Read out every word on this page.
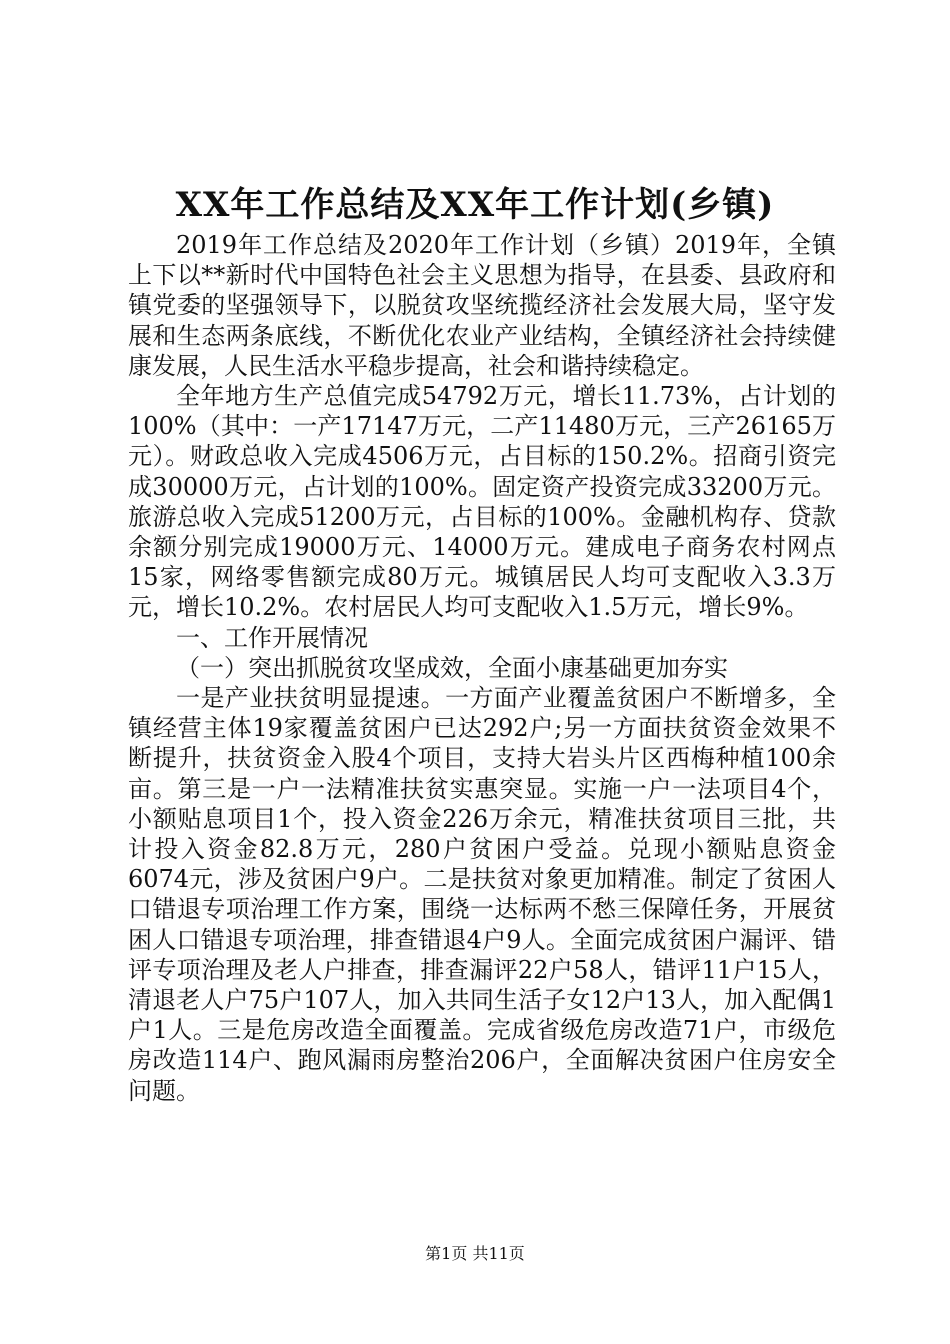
XX年工作总结及XX年工作计划(乡镇)

2019年工作总结及2020年工作计划（乡镇）2019年，全镇上下以**新时代中国特色社会主义思想为指导，在县委、县政府和镇党委的坚强领导下，以脱贫攻坚统揽经济社会发展大局，坚守发展和生态两条底线，不断优化农业产业结构，全镇经济社会持续健康发展，人民生活水平稳步提高，社会和谐持续稳定。

全年地方生产总值完成54792万元，增长11.73%，占计划的100%（其中：一产17147万元，二产11480万元，三产26165万元）。财政总收入完成4506万元，占目标的150.2%。招商引资完成30000万元，占计划的100%。固定资产投资完成33200万元。旅游总收入完成51200万元，占目标的100%。金融机构存、贷款余额分别完成19000万元、14000万元。建成电子商务农村网点15家，网络零售额完成80万元。城镇居民人均可支配收入3.3万元，增长10.2%。农村居民人均可支配收入1.5万元，增长9%。

一、工作开展情况

（一）突出抓脱贫攻坚成效，全面小康基础更加夯实

一是产业扶贫明显提速。一方面产业覆盖贫困户不断增多，全镇经营主体19家覆盖贫困户已达292户;另一方面扶贫资金效果不断提升，扶贫资金入股4个项目，支持大岩头片区西梅种植100余亩。第三是一户一法精准扶贫实惠突显。实施一户一法项目4个，小额贴息项目1个，投入资金226万余元，精准扶贫项目三批，共计投入资金82.8万元，280户贫困户受益。兑现小额贴息资金6074元，涉及贫困户9户。二是扶贫对象更加精准。制定了贫困人口错退专项治理工作方案，围绕一达标两不愁三保障任务，开展贫困人口错退专项治理，排查错退4户9人。全面完成贫困户漏评、错评专项治理及老人户排查，排查漏评22户58人，错评11户15人，清退老人户75户107人，加入共同生活子女12户13人，加入配偶1户1人。三是危房改造全面覆盖。完成省级危房改造71户，市级危房改造114户、跑风漏雨房整治206户，全面解决贫困户住房安全问题。

第1页 共11页
